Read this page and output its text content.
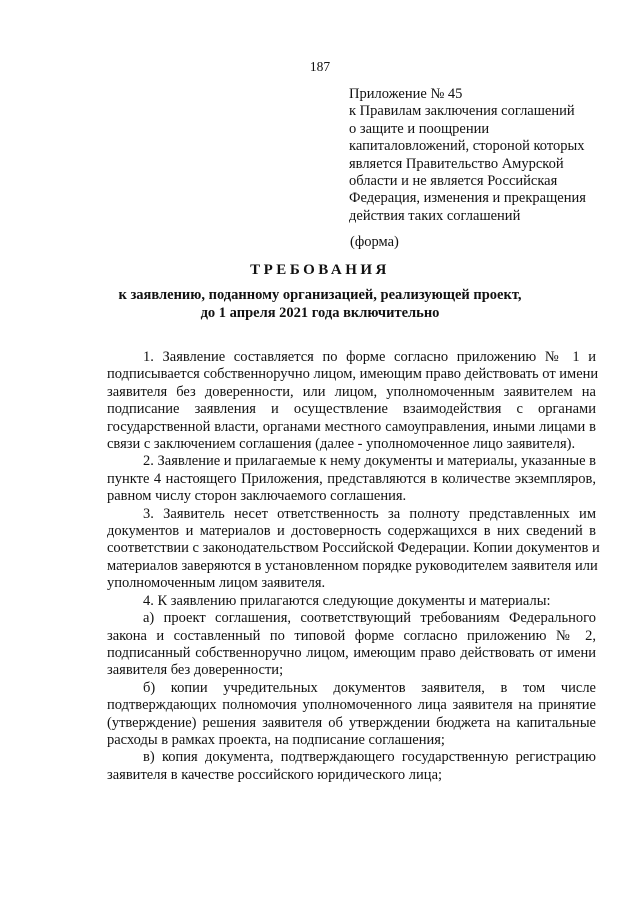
187
Приложение № 45
к Правилам заключения соглашений
о защите и поощрении
капиталовложений, стороной которых
является Правительство Амурской
области и не является Российская
Федерация, изменения и прекращения
действия таких соглашений
(форма)
ТРЕБОВАНИЯ
к заявлению, поданному организацией, реализующей проект,
до 1 апреля 2021 года включительно
1. Заявление составляется по форме согласно приложению № 1 и
подписывается собственноручно лицом, имеющим право действовать от имени
заявителя без доверенности, или лицом, уполномоченным заявителем на
подписание заявления и осуществление взаимодействия с органами
государственной власти, органами местного самоуправления, иными лицами в
связи с заключением соглашения (далее - уполномоченное лицо заявителя).
2. Заявление и прилагаемые к нему документы и материалы, указанные в
пункте 4 настоящего Приложения, представляются в количестве экземпляров,
равном числу сторон заключаемого соглашения.
3. Заявитель несет ответственность за полноту представленных им
документов и материалов и достоверность содержащихся в них сведений в
соответствии с законодательством Российской Федерации. Копии документов и
материалов заверяются в установленном порядке руководителем заявителя или
уполномоченным лицом заявителя.
4. К заявлению прилагаются следующие документы и материалы:
а) проект соглашения, соответствующий требованиям Федерального
закона и составленный по типовой форме согласно приложению № 2,
подписанный собственноручно лицом, имеющим право действовать от имени
заявителя без доверенности;
б) копии учредительных документов заявителя, в том числе
подтверждающих полномочия уполномоченного лица заявителя на принятие
(утверждение) решения заявителя об утверждении бюджета на капитальные
расходы в рамках проекта, на подписание соглашения;
в) копия документа, подтверждающего государственную регистрацию
заявителя в качестве российского юридического лица;
